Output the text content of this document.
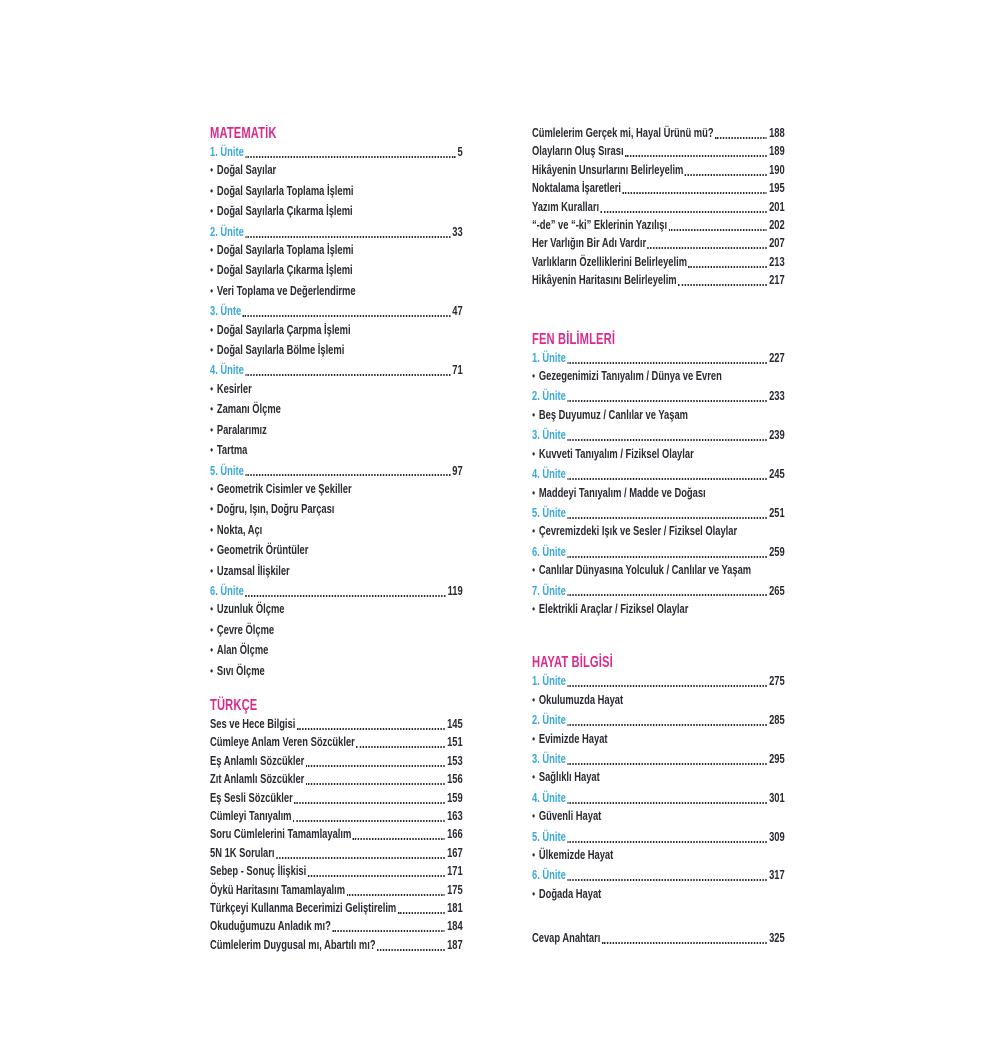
MATEMATİK
1. Ünite	5
● Doğal Sayılar
● Doğal Sayılarla Toplama İşlemi
● Doğal Sayılarla Çıkarma İşlemi
2. Ünite	33
● Doğal Sayılarla Toplama İşlemi
● Doğal Sayılarla Çıkarma İşlemi
● Veri Toplama ve Değerlendirme
3. Ünte	47
● Doğal Sayılarla Çarpma İşlemi
● Doğal Sayılarla Bölme İşlemi
4. Ünite	71
● Kesirler
● Zamanı Ölçme
● Paralarımız
● Tartma
5. Ünite	97
● Geometrik Cisimler ve Şekiller
● Doğru, Işın, Doğru Parçası
● Nokta, Açı
● Geometrik Örüntüler
● Uzamsal İlişkiler
6. Ünite	119
● Uzunluk Ölçme
● Çevre Ölçme
● Alan Ölçme
● Sıvı Ölçme
TÜRKÇE
Ses ve Hece Bilgisi	145
Cümleye Anlam Veren Sözcükler	151
Eş Anlamlı Sözcükler	153
Zıt Anlamlı Sözcükler	156
Eş Sesli Sözcükler	159
Cümleyi Tanıyalım	163
Soru Cümlelerini Tamamlayalım	166
5N 1K Soruları	167
Sebep - Sonuç İlişkisi	171
Öykü Haritasını Tamamlayalım	175
Türkçeyi Kullanma Becerimizi Geliştirelim	181
Okuduğumuzu Anladık mı?	184
Cümlelerim Duygusal mı, Abartılı mı?	187
Cümlelerim Gerçek mi, Hayal Ürünü mü?	188
Olayların Oluş Sırası	189
Hikâyenin Unsurlarını Belirleyelim	190
Noktalama İşaretleri	195
Yazım Kuralları	201
“-de” ve “-ki” Eklerinin Yazılışı	202
Her Varlığın Bir Adı Vardır	207
Varlıkların Özelliklerini Belirleyelim	213
Hikâyenin Haritasını Belirleyelim	217
FEN BİLİMLERİ
1. Ünite	227
● Gezegenimizi Tanıyalım / Dünya ve Evren
2. Ünite	233
● Beş Duyumuz / Canlılar ve Yaşam
3. Ünite	239
● Kuvveti Tanıyalım / Fiziksel Olaylar
4. Ünite	245
● Maddeyi Tanıyalım / Madde ve Doğası
5. Ünite	251
● Çevremizdeki Işık ve Sesler / Fiziksel Olaylar
6. Ünite	259
● Canlılar Dünyasına Yolculuk / Canlılar ve Yaşam
7. Ünite	265
● Elektrikli Araçlar / Fiziksel Olaylar
HAYAT BİLGİSİ
1. Ünite	275
● Okulumuzda Hayat
2. Ünite	285
● Evimizde Hayat
3. Ünite	295
● Sağlıklı Hayat
4. Ünite	301
● Güvenli Hayat
5. Ünite	309
● Ülkemizde Hayat
6. Ünite	317
● Doğada Hayat
Cevap Anahtarı	325
